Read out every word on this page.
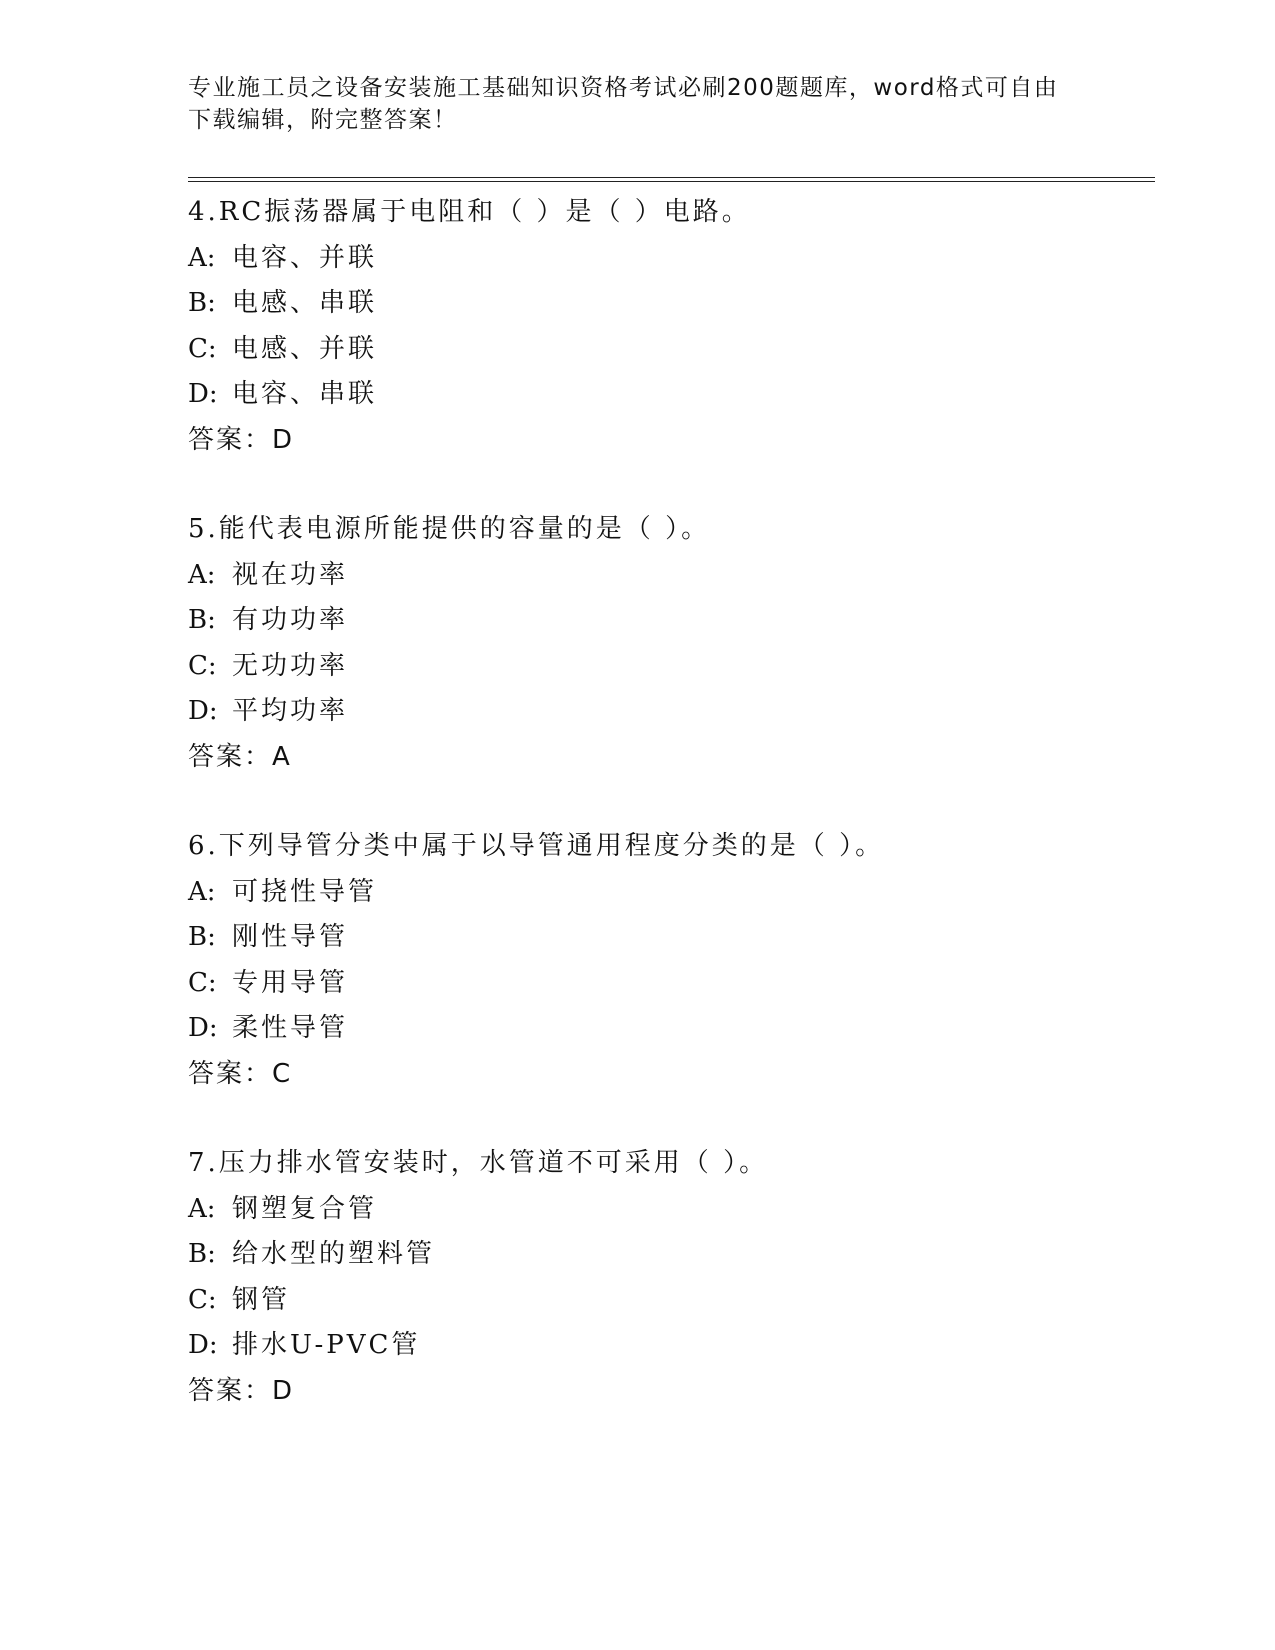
专业施工员之设备安装施工基础知识资格考试必刷200题题库，word格式可自由
下载编辑，附完整答案！
4.RC振荡器属于电阻和（ ）是（ ）电路。
A: 电容、并联
B: 电感、串联
C: 电感、并联
D: 电容、串联
答案：D
5.能代表电源所能提供的容量的是（ ）。
A: 视在功率
B: 有功功率
C: 无功功率
D: 平均功率
答案：A
6.下列导管分类中属于以导管通用程度分类的是（ ）。
A: 可挠性导管
B: 刚性导管
C: 专用导管
D: 柔性导管
答案：C
7.压力排水管安装时，水管道不可采用（ ）。
A: 钢塑复合管
B: 给水型的塑料管
C: 钢管
D: 排水U-PVC管
答案：D
